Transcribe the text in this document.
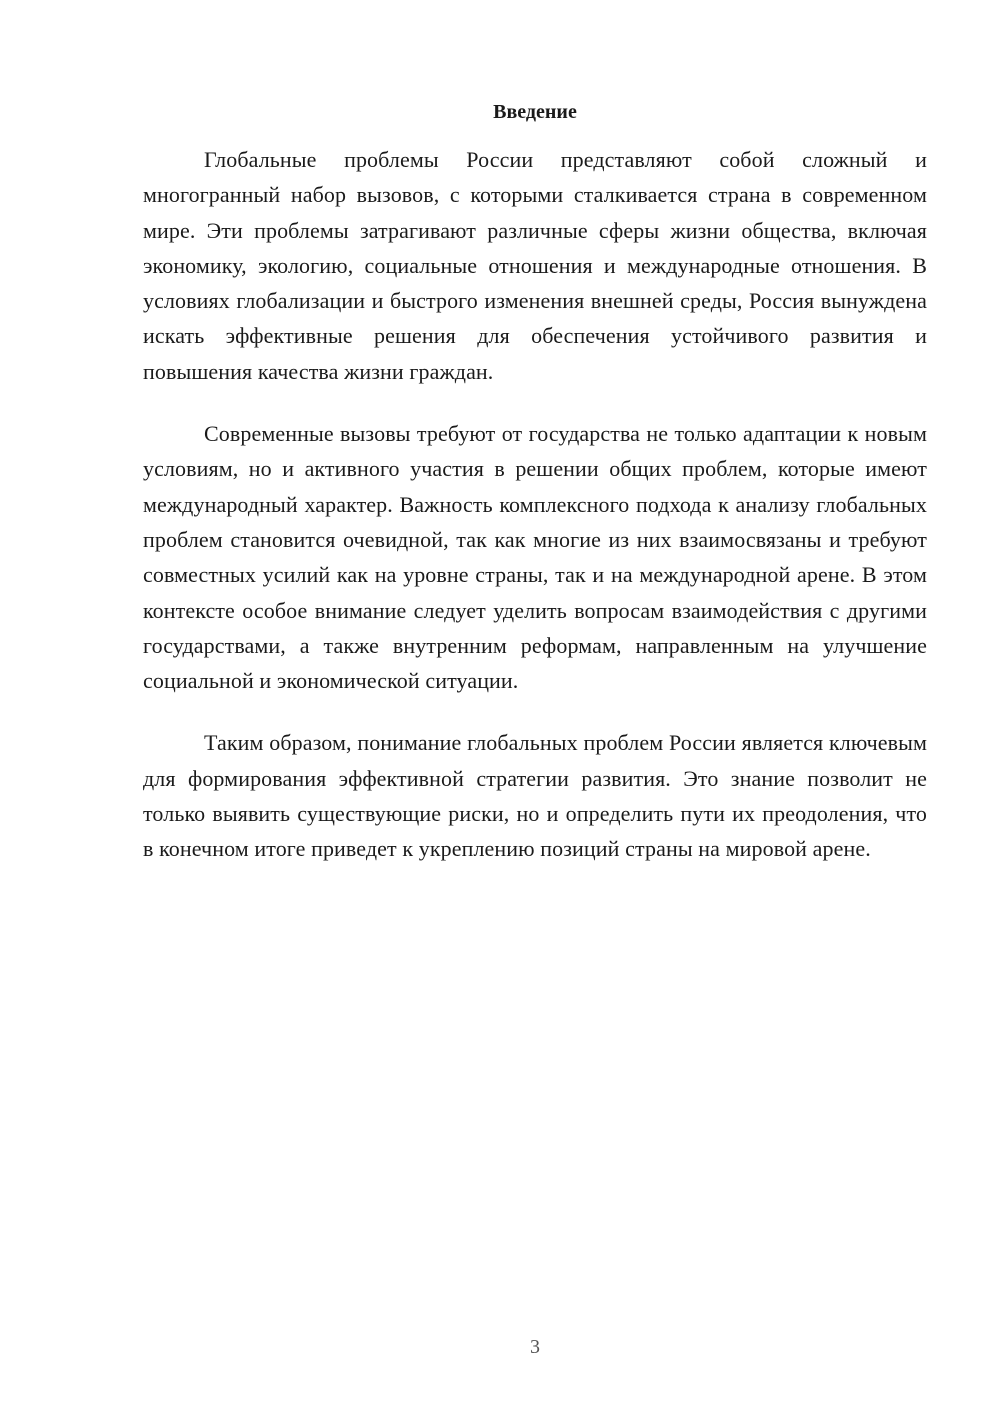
Введение

Глобальные проблемы России представляют собой сложный и многогранный набор вызовов, с которыми сталкивается страна в современном мире. Эти проблемы затрагивают различные сферы жизни общества, включая экономику, экологию, социальные отношения и международные отношения. В условиях глобализации и быстрого изменения внешней среды, Россия вынуждена искать эффективные решения для обеспечения устойчивого развития и повышения качества жизни граждан.

Современные вызовы требуют от государства не только адаптации к новым условиям, но и активного участия в решении общих проблем, которые имеют международный характер. Важность комплексного подхода к анализу глобальных проблем становится очевидной, так как многие из них взаимосвязаны и требуют совместных усилий как на уровне страны, так и на международной арене. В этом контексте особое внимание следует уделить вопросам взаимодействия с другими государствами, а также внутренним реформам, направленным на улучшение социальной и экономической ситуации.

Таким образом, понимание глобальных проблем России является ключевым для формирования эффективной стратегии развития. Это знание позволит не только выявить существующие риски, но и определить пути их преодоления, что в конечном итоге приведет к укреплению позиций страны на мировой арене.

3
